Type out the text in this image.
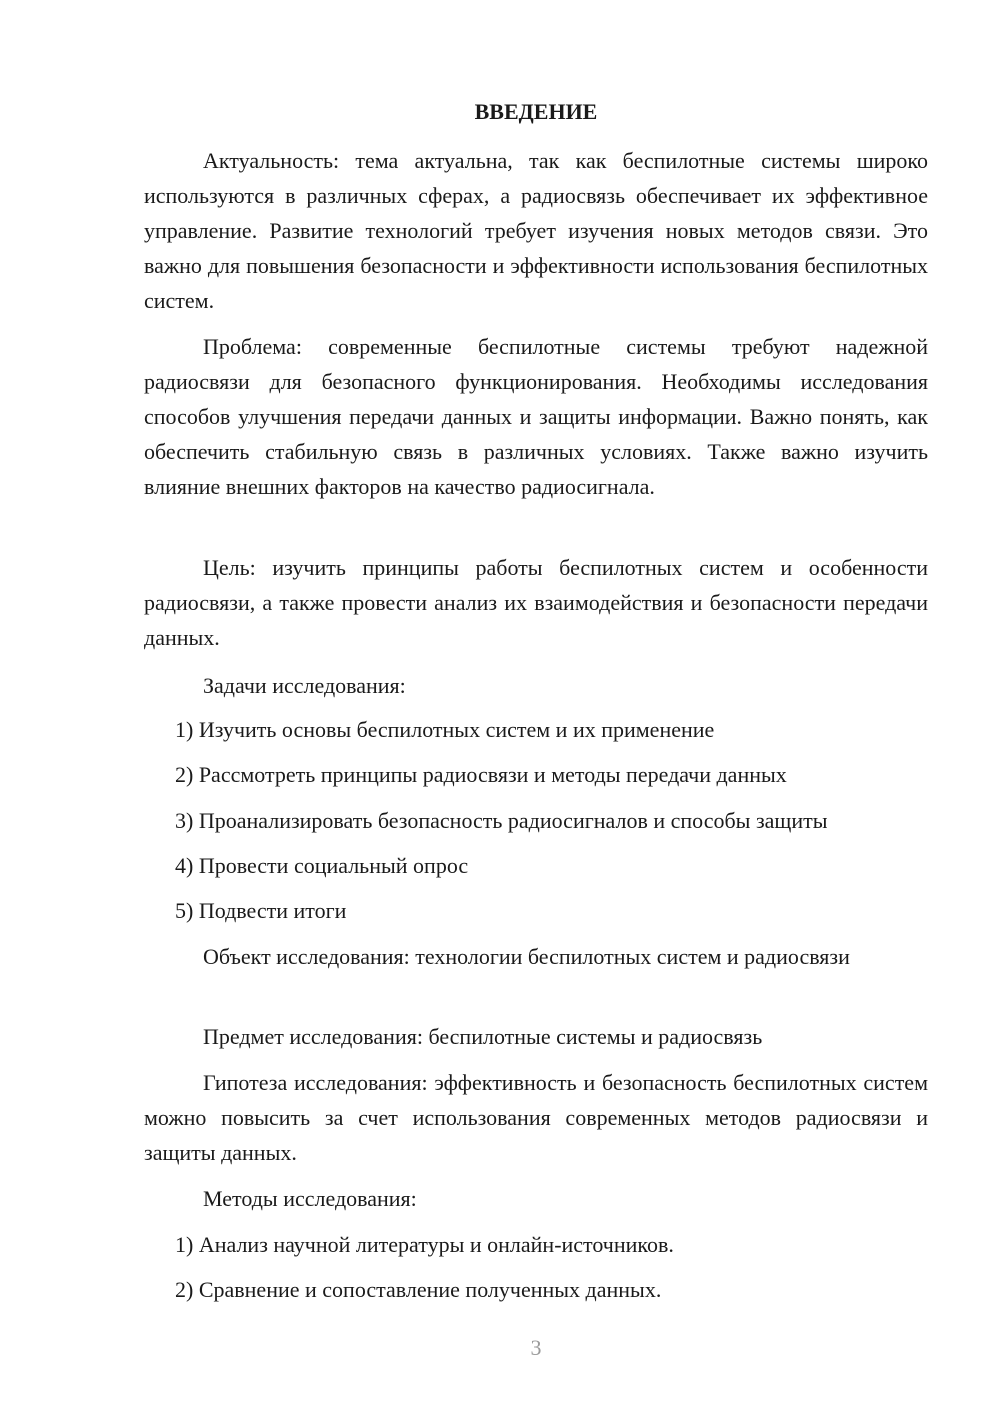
ВВЕДЕНИЕ

Актуальность: тема актуальна, так как беспилотные системы широко используются в различных сферах, а радиосвязь обеспечивает их эффективное управление. Развитие технологий требует изучения новых методов связи. Это важно для повышения безопасности и эффективности использования беспилотных систем.

Проблема: современные беспилотные системы требуют надежной радиосвязи для безопасного функционирования. Необходимы исследования способов улучшения передачи данных и защиты информации. Важно понять, как обеспечить стабильную связь в различных условиях. Также важно изучить влияние внешних факторов на качество радиосигнала.

Цель: изучить принципы работы беспилотных систем и особенности радиосвязи, а также провести анализ их взаимодействия и безопасности передачи данных.

Задачи исследования:

1) Изучить основы беспилотных систем и их применение

2) Рассмотреть принципы радиосвязи и методы передачи данных

3) Проанализировать безопасность радиосигналов и способы защиты

4) Провести социальный опрос

5) Подвести итоги

Объект исследования: технологии беспилотных систем и радиосвязи

Предмет исследования: беспилотные системы и радиосвязь

Гипотеза исследования: эффективность и безопасность беспилотных систем можно повысить за счет использования современных методов радиосвязи и защиты данных.

Методы исследования:

1) Анализ научной литературы и онлайн-источников.

2) Сравнение и сопоставление полученных данных.

3
